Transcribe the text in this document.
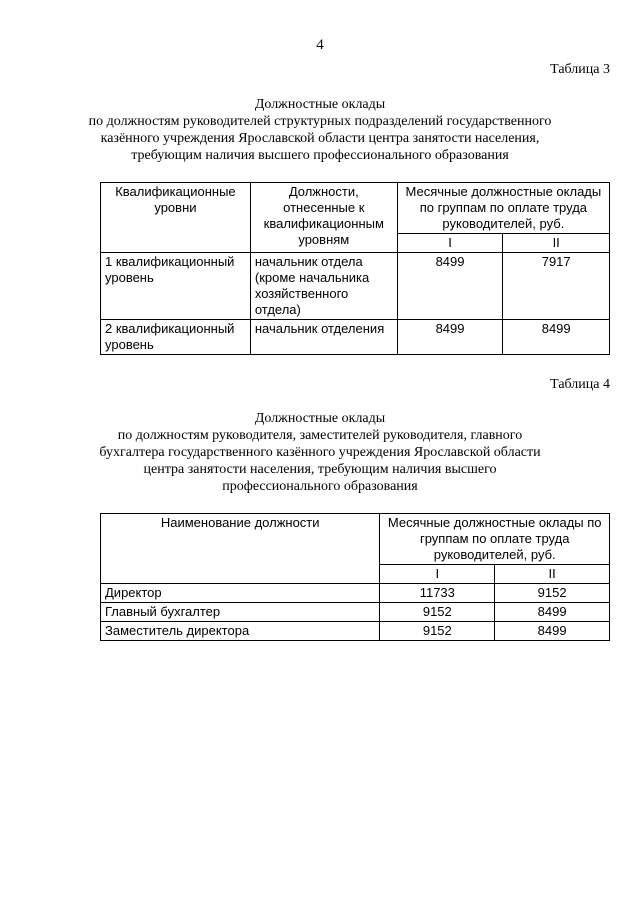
4
Таблица 3
Должностные оклады
по должностям руководителей структурных подразделений государственного
казённого учреждения Ярославской области центра занятости населения,
требующим наличия высшего профессионального образования
Квалификационные уровни	Должности, отнесенные к квалификационным уровням	Месячные должностные оклады по группам по оплате труда руководителей, руб.	
		I	II
1 квалификационный уровень	начальник отдела (кроме начальника хозяйственного отдела)	8499	7917
2 квалификационный уровень	начальник отделения	8499	8499
Таблица 4
Должностные оклады
по должностям руководителя, заместителей руководителя, главного
бухгалтера государственного казённого учреждения Ярославской области
центра занятости населения, требующим наличия высшего
профессионального образования
Наименование должности	Месячные должностные оклады по группам по оплате труда руководителей, руб.	
	I	II
Директор	11733	9152
Главный бухгалтер	9152	8499
Заместитель директора	9152	8499
